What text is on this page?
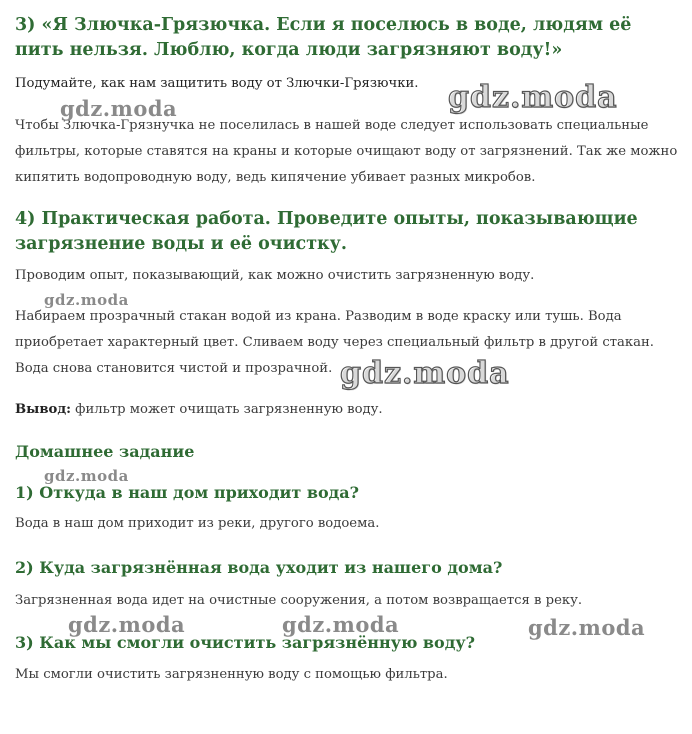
3) «Я Злючка-Грязючка. Если я поселюсь в воде, людям её пить нельзя. Люблю, когда люди загрязняют воду!»

Подумайте, как нам защитить воду от Злючки-Грязючки.

Чтобы Злючка-Грязнучка не поселилась в нашей воде следует использовать специальные фильтры, которые ставятся на краны и которые очищают воду от загрязнений. Так же можно кипятить водопроводную воду, ведь кипячение убивает разных микробов.

4) Практическая работа. Проведите опыты, показывающие загрязнение воды и её очистку.

Проводим опыт, показывающий, как можно очистить загрязненную воду.

Набираем прозрачный стакан водой из крана. Разводим в воде краску или тушь. Вода приобретает характерный цвет. Сливаем воду через специальный фильтр в другой стакан. Вода снова становится чистой и прозрачной.

Вывод: фильтр может очищать загрязненную воду.

Домашнее задание
1) Откуда в наш дом приходит вода?

Вода в наш дом приходит из реки, другого водоема.

2) Куда загрязнённая вода уходит из нашего дома?

Загрязненная вода идет на очистные сооружения, а потом возвращается в реку.

3) Как мы смогли очистить загрязнённую воду?

Мы смогли очистить загрязненную воду с помощью фильтра.

gdz.moda
gdz.moda
gdz.moda
gdz.moda
gdz.moda
gdz.moda	gdz.moda	gdz.moda
